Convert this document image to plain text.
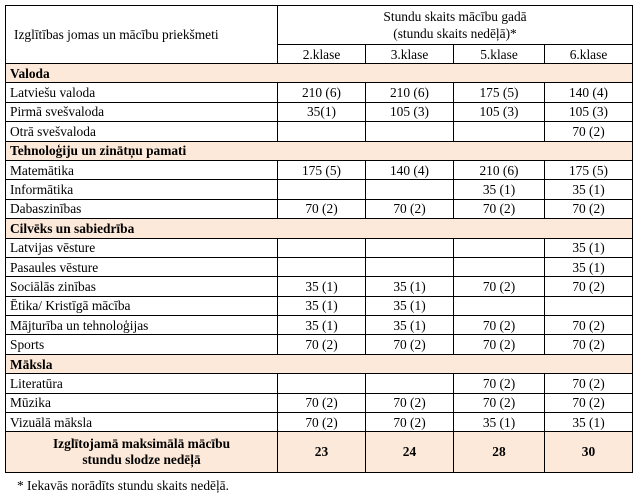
Izglītības jomas un mācību priekšmeti	Stundu skaits mācību gadā
(stundu skaits nedēļā)*			

	2.klase	3.klase	5.klase	6.klase
Valoda				
Latviešu valoda	210 (6)	210 (6)	175 (5)	140 (4)
Pirmā svešvaloda	35(1)	105 (3)	105 (3)	105 (3)
Otrā svešvaloda				70 (2)
Tehnoloģiju un zinātņu pamati				
Matemātika	175 (5)	140 (4)	210 (6)	175 (5)
Informātika			35 (1)	35 (1)
Dabaszinības	70 (2)	70 (2)	70 (2)	70 (2)
Cilvēks un sabiedrība				
Latvijas vēsture				35 (1)
Pasaules vēsture				35 (1)
Sociālās zinības	35 (1)	35 (1)	70 (2)	70 (2)
Ētika/ Kristīgā mācība	35 (1)	35 (1)		
Mājturība un tehnoloģijas	35 (1)	35 (1)	70 (2)	70 (2)
Sports	70 (2)	70 (2)	70 (2)	70 (2)
Māksla				
Literatūra			70 (2)	70 (2)
Mūzika	70 (2)	70 (2)	70 (2)	70 (2)
Vizuālā māksla	70 (2)	70 (2)	35 (1)	35 (1)

Izglītojamā maksimālā mācību
stundu slodze nedēļā	23	24	28	30
* Iekavās norādīts stundu skaits nedēļā.
